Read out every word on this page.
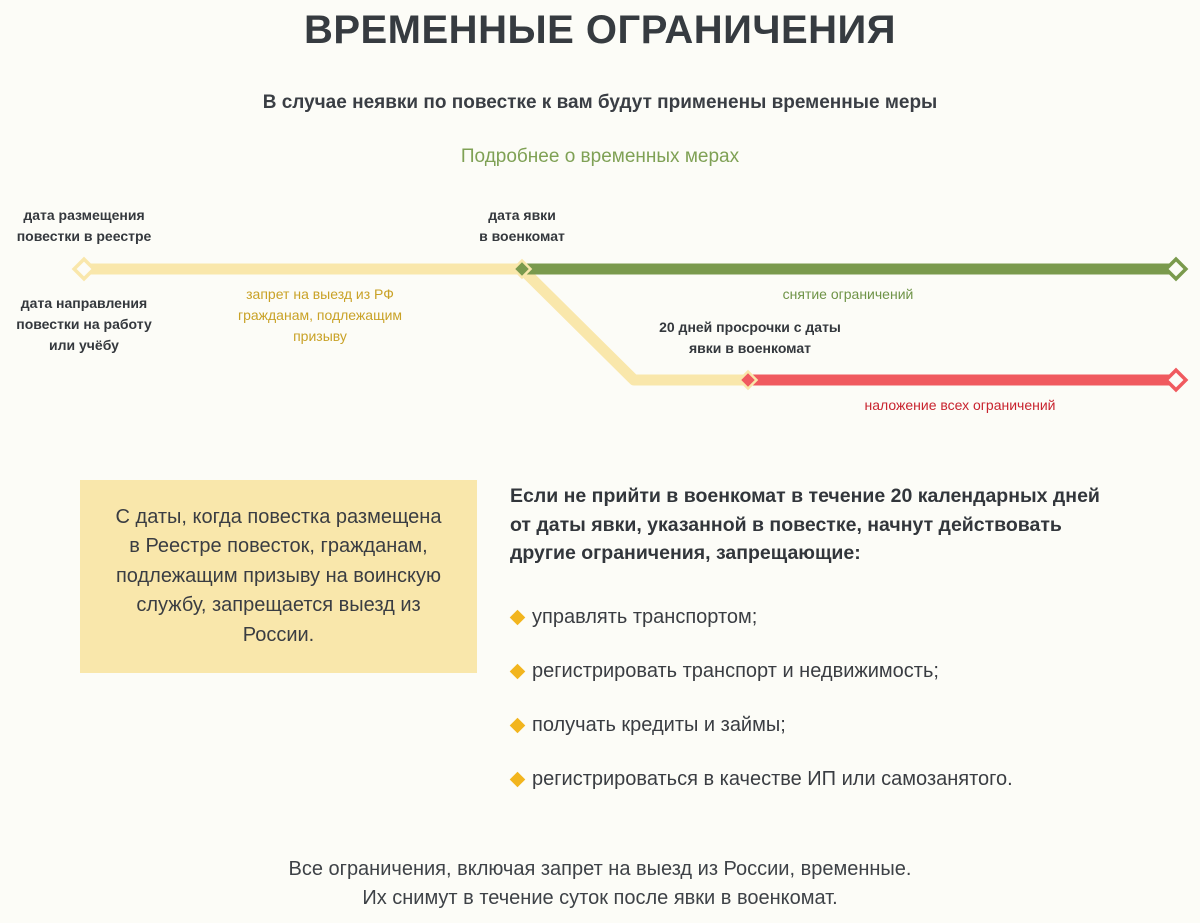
ВРЕМЕННЫЕ ОГРАНИЧЕНИЯ

В случае неявки по повестке к вам будут применены временные меры

Подробнее о временных мерах
дата размещения
повестки в реестре
дата направления
повестки на работу
или учёбу
запрет на выезд из РФ
гражданам, подлежащим
призыву
дата явки
в военкомат
снятие ограничений
20 дней просрочки с даты
явки в военкомат
наложение всех ограничений
С даты, когда повестка размещена в Реестре повесток, гражданам, подлежащим призыву на воинскую службу, запрещается выезд из России.

Если не прийти в военкомат в течение 20 календарных дней от даты явки, указанной в повестке, начнут действовать другие ограничения, запрещающие:

управлять транспортом;
регистрировать транспорт и недвижимость;
получать кредиты и займы;
регистрироваться в качестве ИП или самозанятого.
Все ограничения, включая запрет на выезд из России, временные.
Их снимут в течение суток после явки в военкомат.
